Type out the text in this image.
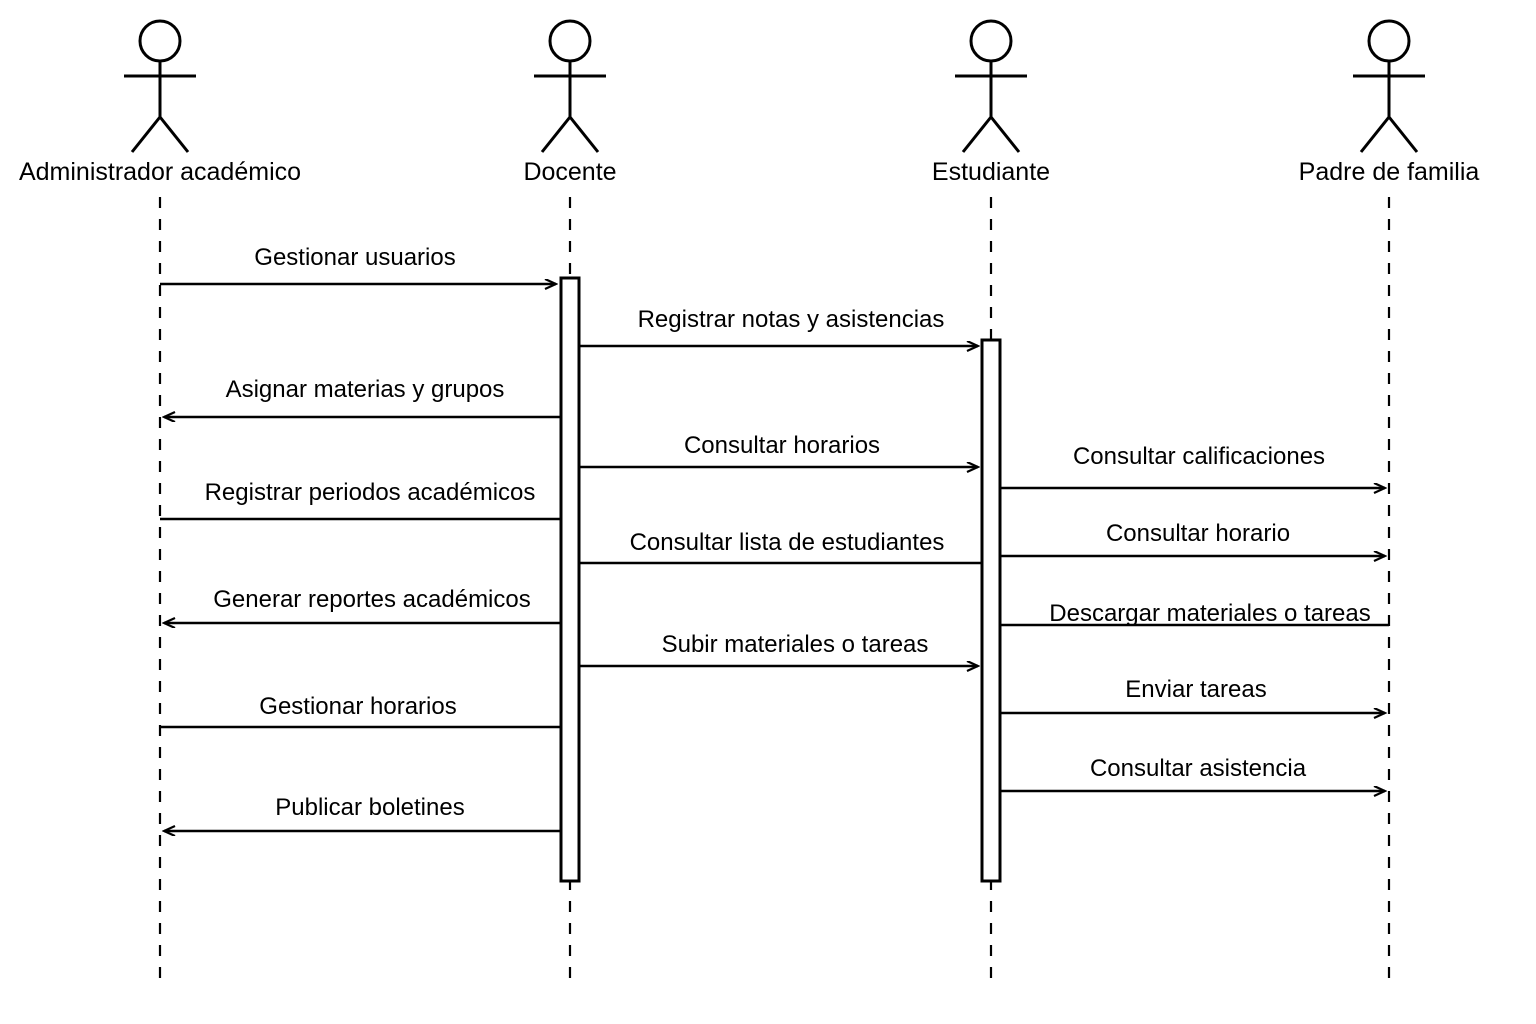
Administrador académico	Docente	Estudiante	Padre de familia
Gestionar usuarios
Registrar notas y asistencias
Asignar materias y grupos
Consultar horarios	Consultar calificaciones
Registrar periodos académicos
Consultar lista de estudiantes	Consultar horario
Generar reportes académicos
Descargar materiales o tareas
Subir materiales o tareas
Enviar tareas
Gestionar horarios
Consultar asistencia
Publicar boletines
